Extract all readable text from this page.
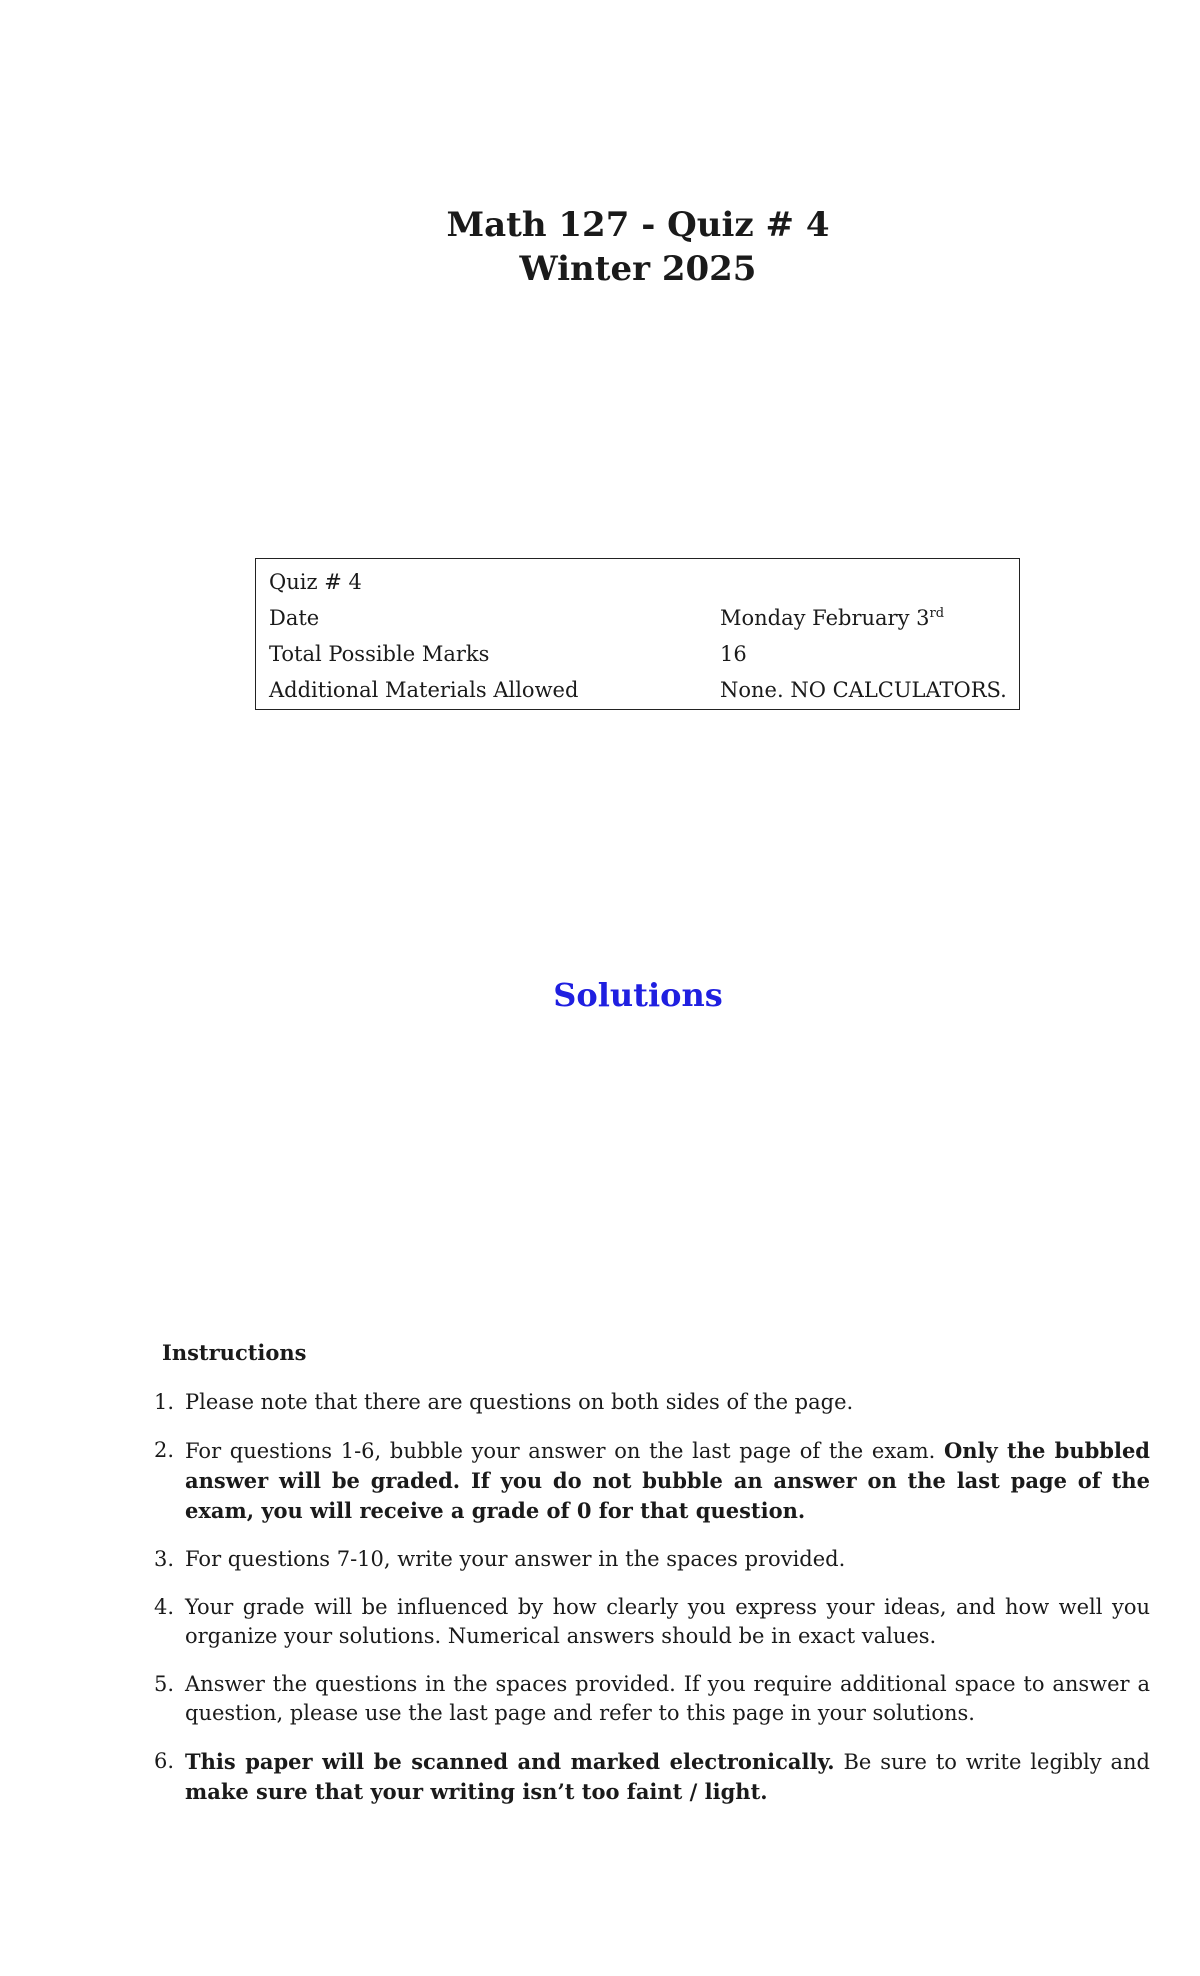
Math 127 - Quiz # 4
Winter 2025
Quiz # 4
Date	Monday February 3rd
Total Possible Marks	16
Additional Materials Allowed	None. NO CALCULATORS.
Solutions
Instructions
1. Please note that there are questions on both sides of the page.
2. For questions 1-6, bubble your answer on the last page of the exam. Only the bubbled answer will be graded. If you do not bubble an answer on the last page of the exam, you will receive a grade of 0 for that question.
3. For questions 7-10, write your answer in the spaces provided.
4. Your grade will be influenced by how clearly you express your ideas, and how well you organize your solutions. Numerical answers should be in exact values.
5. Answer the questions in the spaces provided. If you require additional space to answer a question, please use the last page and refer to this page in your solutions.
6. This paper will be scanned and marked electronically. Be sure to write legibly and make sure that your writing isn’t too faint / light.
